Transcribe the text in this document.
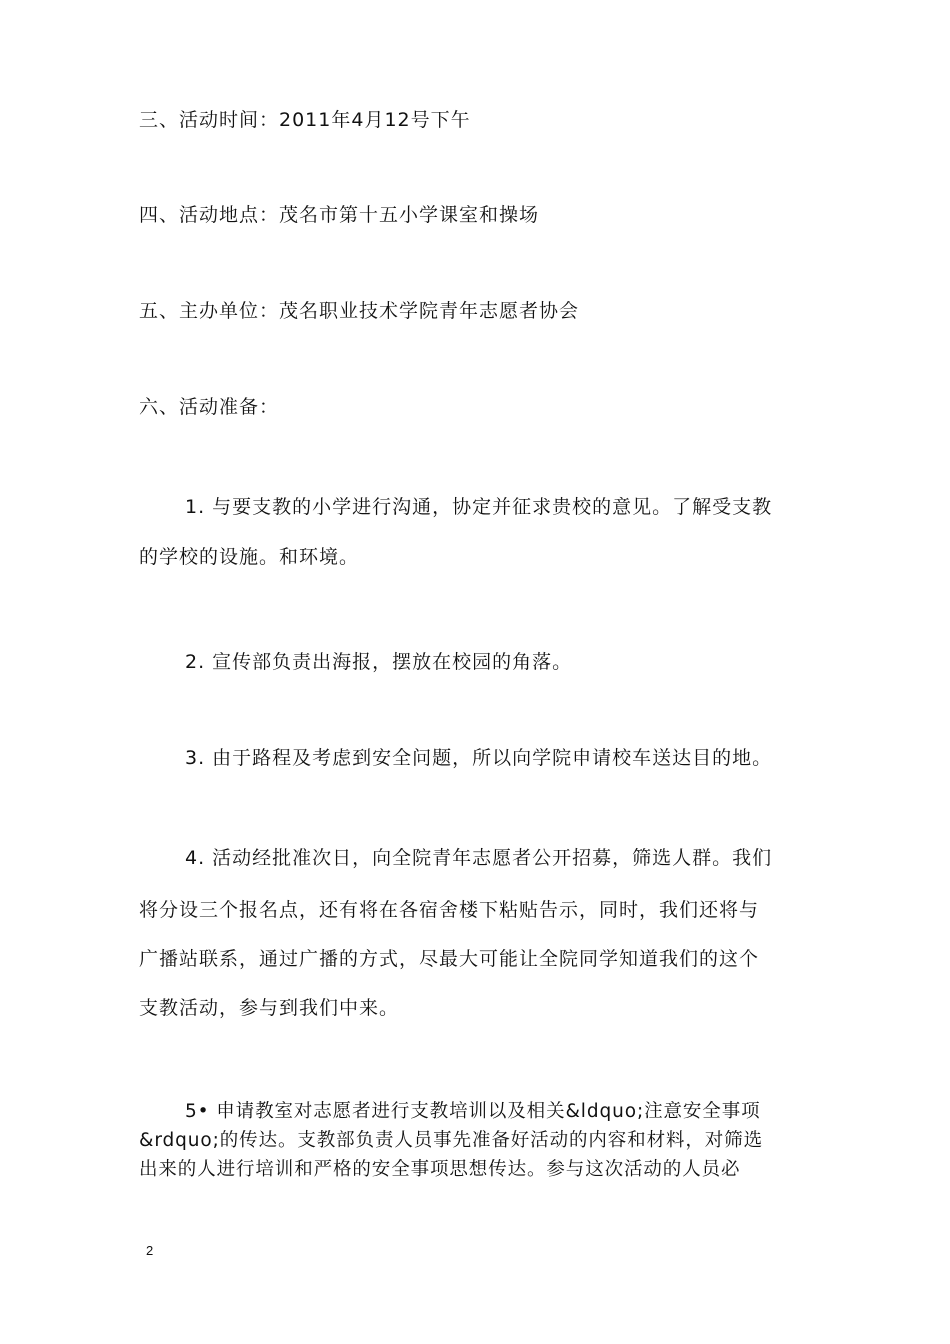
三、活动时间：2011年4月12号下午
四、活动地点：茂名市第十五小学课室和操场
五、主办单位：茂名职业技术学院青年志愿者协会
六、活动准备：
1. 与要支教的小学进行沟通，协定并征求贵校的意见。了解受支教
的学校的设施。和环境。
2. 宣传部负责出海报，摆放在校园的角落。
3. 由于路程及考虑到安全问题，所以向学院申请校车送达目的地。
4. 活动经批准次日，向全院青年志愿者公开招募，筛选人群。我们
将分设三个报名点，还有将在各宿舍楼下粘贴告示，同时，我们还将与
广播站联系，通过广播的方式，尽最大可能让全院同学知道我们的这个
支教活动，参与到我们中来。
5• 申请教室对志愿者进行支教培训以及相关&ldquo;注意安全事项
&rdquo;的传达。支教部负责人员事先准备好活动的内容和材料，对筛选
出来的人进行培训和严格的安全事项思想传达。参与这次活动的人员必
2
